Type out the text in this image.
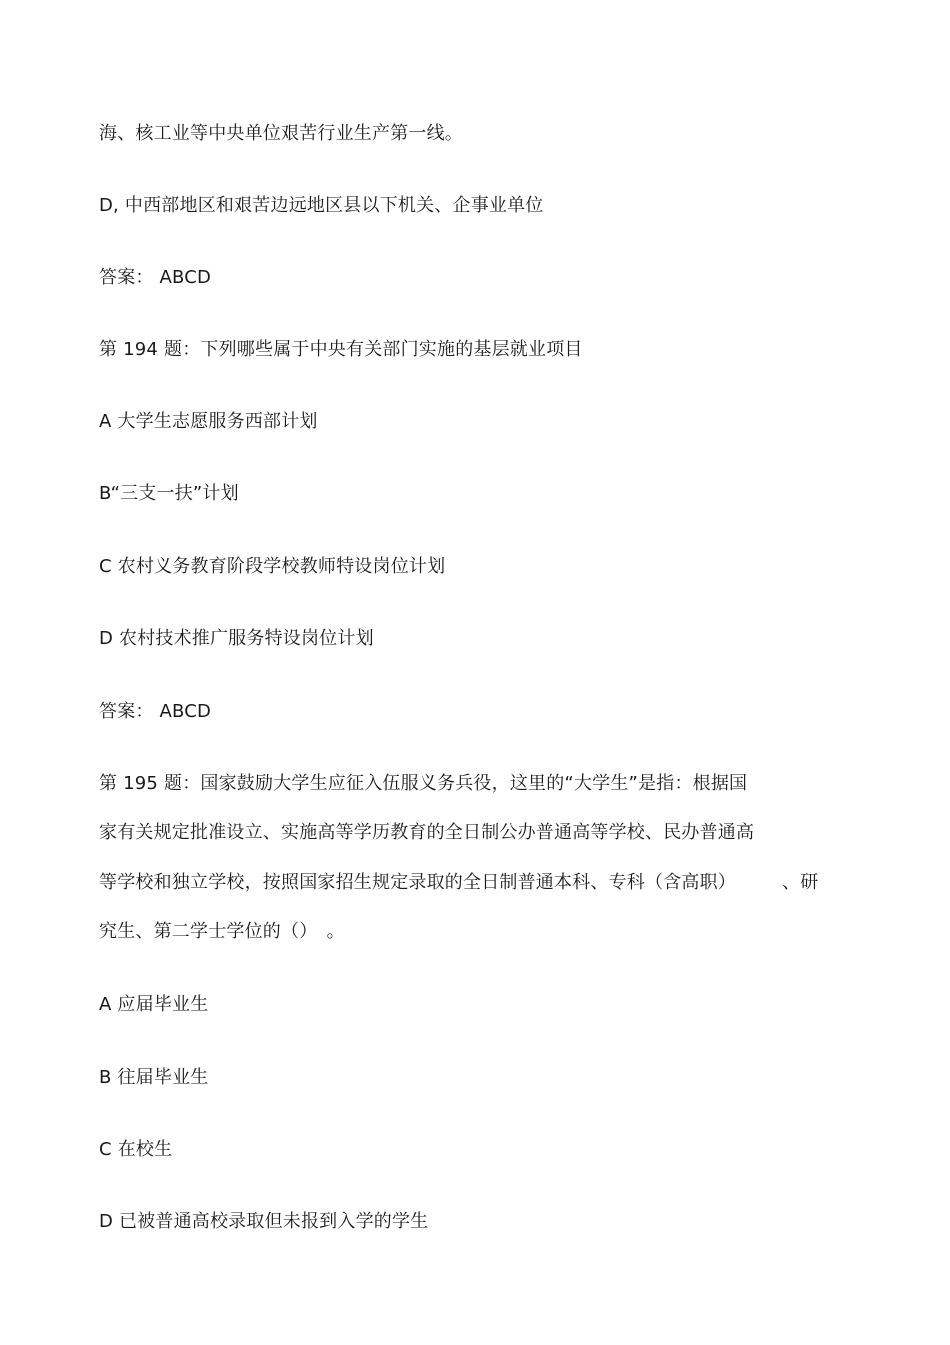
海、核工业等中央单位艰苦行业生产第一线。
D, 中西部地区和艰苦边远地区县以下机关、企事业单位
答案： ABCD
第 194 题：下列哪些属于中央有关部门实施的基层就业项目
A 大学生志愿服务西部计划
B“三支一扶”计划
C 农村义务教育阶段学校教师特设岗位计划
D 农村技术推广服务特设岗位计划
答案： ABCD
第 195 题：国家鼓励大学生应征入伍服义务兵役，这里的“大学生”是指：根据国
家有关规定批准设立、实施高等学历教育的全日制公办普通高等学校、民办普通高
等学校和独立学校，按照国家招生规定录取的全日制普通本科、专科（含高职）	、研
究生、第二学士学位的（）　。
A 应届毕业生
B 往届毕业生
C 在校生
D 已被普通高校录取但未报到入学的学生
